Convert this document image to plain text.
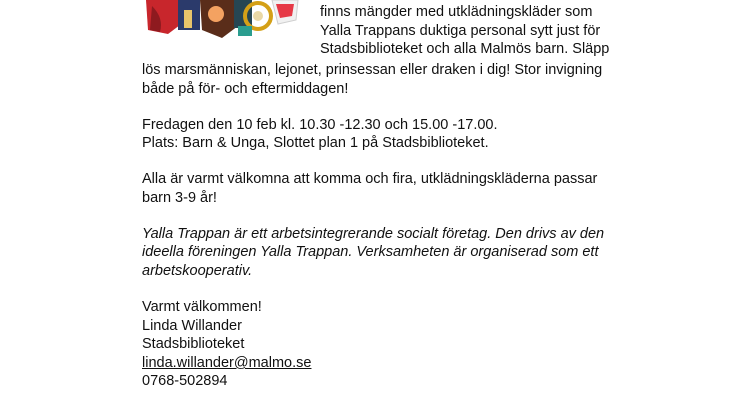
finns mängder med utklädningskläder som
Yalla Trappans duktiga personal sytt just för
Stadsbiblioteket och alla Malmös barn. Släpp
lös marsmänniskan, lejonet, prinsessan eller draken i dig! Stor invigning
både på för- och eftermiddagen!
Fredagen den 10 feb kl. 10.30 -12.30 och 15.00 -17.00.
Plats: Barn & Unga, Slottet plan 1 på Stadsbiblioteket.
Alla är varmt välkomna att komma och fira, utklädningskläderna passar
barn 3-9 år!
Yalla Trappan är ett arbetsintegrerande socialt företag. Den drivs av den
ideella föreningen Yalla Trappan. Verksamheten är organiserad som ett
arbetskooperativ.
Varmt välkommen!
Linda Willander
Stadsbiblioteket
linda.willander@malmo.se
0768-502894
